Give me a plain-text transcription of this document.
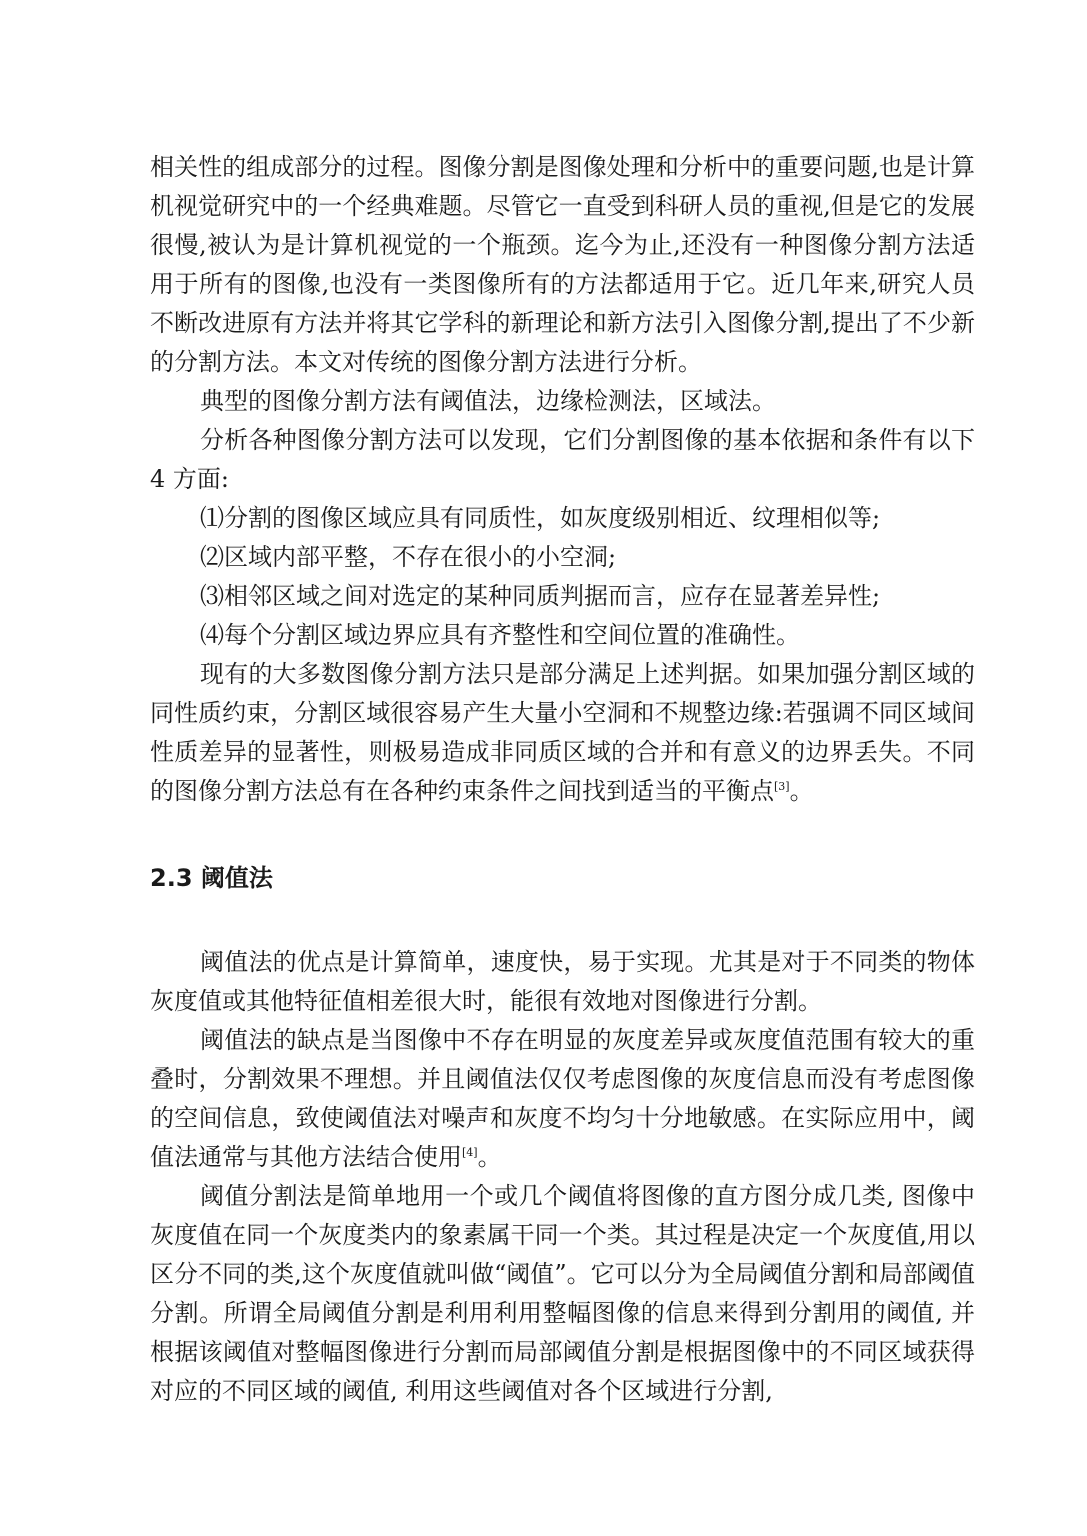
相关性的组成部分的过程。图像分割是图像处理和分析中的重要问题,也是计算机视觉研究中的一个经典难题。尽管它一直受到科研人员的重视,但是它的发展很慢,被认为是计算机视觉的一个瓶颈。迄今为止,还没有一种图像分割方法适用于所有的图像,也没有一类图像所有的方法都适用于它。近几年来,研究人员不断改进原有方法并将其它学科的新理论和新方法引入图像分割,提出了不少新的分割方法。本文对传统的图像分割方法进行分析。

典型的图像分割方法有阈值法，边缘检测法，区域法。

分析各种图像分割方法可以发现，它们分割图像的基本依据和条件有以下 4 方面:

⑴分割的图像区域应具有同质性，如灰度级别相近、纹理相似等;

⑵区域内部平整，不存在很小的小空洞;

⑶相邻区域之间对选定的某种同质判据而言，应存在显著差异性;

⑷每个分割区域边界应具有齐整性和空间位置的准确性。

现有的大多数图像分割方法只是部分满足上述判据。如果加强分割区域的同性质约束，分割区域很容易产生大量小空洞和不规整边缘:若强调不同区域间性质差异的显著性，则极易造成非同质区域的合并和有意义的边界丢失。不同的图像分割方法总有在各种约束条件之间找到适当的平衡点[3]。

2.3 阈值法

阈值法的优点是计算简单，速度快，易于实现。尤其是对于不同类的物体灰度值或其他特征值相差很大时，能很有效地对图像进行分割。

阈值法的缺点是当图像中不存在明显的灰度差异或灰度值范围有较大的重叠时，分割效果不理想。并且阈值法仅仅考虑图像的灰度信息而没有考虑图像的空间信息，致使阈值法对噪声和灰度不均匀十分地敏感。在实际应用中，阈值法通常与其他方法结合使用[4]。

阈值分割法是简单地用一个或几个阈值将图像的直方图分成几类, 图像中灰度值在同一个灰度类内的象素属干同一个类。其过程是决定一个灰度值,用以区分不同的类,这个灰度值就叫做“阈值”。它可以分为全局阈值分割和局部阈值分割。所谓全局阈值分割是利用利用整幅图像的信息来得到分割用的阈值, 并根据该阈值对整幅图像进行分割而局部阈值分割是根据图像中的不同区域获得对应的不同区域的阈值, 利用这些阈值对各个区域进行分割,
